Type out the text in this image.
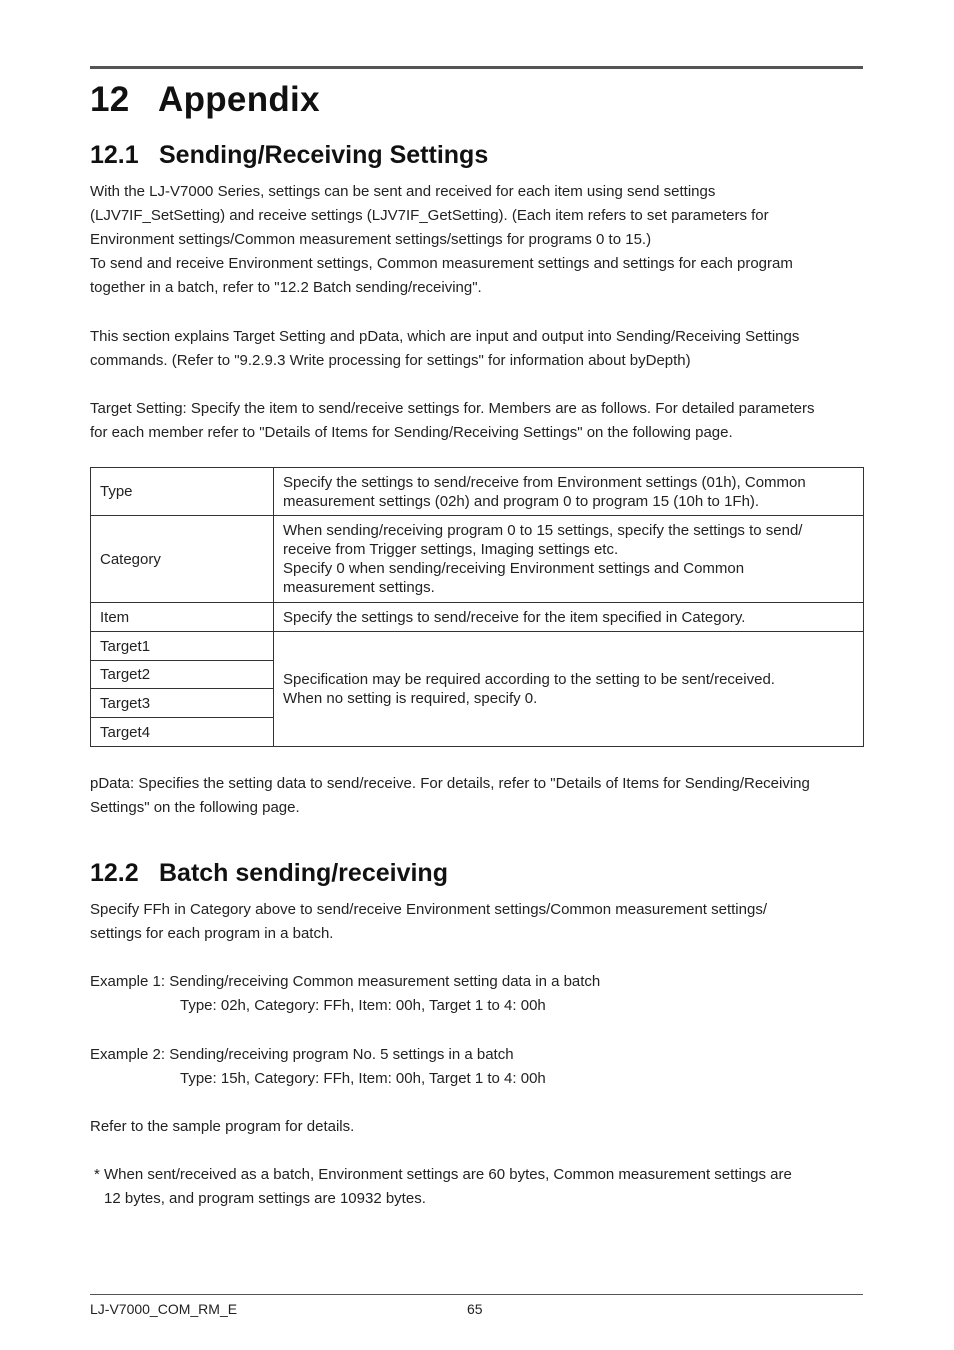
12 Appendix
12.1 Sending/Receiving Settings
With the LJ-V7000 Series, settings can be sent and received for each item using send settings
(LJV7IF_SetSetting) and receive settings (LJV7IF_GetSetting). (Each item refers to set parameters for
Environment settings/Common measurement settings/settings for programs 0 to 15.)
To send and receive Environment settings, Common measurement settings and settings for each program
together in a batch, refer to "12.2 Batch sending/receiving".
This section explains Target Setting and pData, which are input and output into Sending/Receiving Settings
commands. (Refer to "9.2.9.3 Write processing for settings" for information about byDepth)
Target Setting: Specify the item to send/receive settings for. Members are as follows. For detailed parameters
for each member refer to "Details of Items for Sending/Receiving Settings" on the following page.
Type	Specify the settings to send/receive from Environment settings (01h), Common
measurement settings (02h) and program 0 to program 15 (10h to 1Fh).

Category	When sending/receiving program 0 to 15 settings, specify the settings to send/
receive from Trigger settings, Imaging settings etc.
Specify 0 when sending/receiving Environment settings and Common
measurement settings.

Item	Specify the settings to send/receive for the item specified in Category.
Target1	Specification may be required according to the setting to be sent/received.
When no setting is required, specify 0.

Target2	
Target3	
Target4	
pData: Specifies the setting data to send/receive. For details, refer to "Details of Items for Sending/Receiving
Settings" on the following page.
12.2 Batch sending/receiving
Specify FFh in Category above to send/receive Environment settings/Common measurement settings/
settings for each program in a batch.
Example 1: Sending/receiving Common measurement setting data in a batch
Type: 02h, Category: FFh, Item: 00h, Target 1 to 4: 00h
Example 2: Sending/receiving program No. 5 settings in a batch
Type: 15h, Category: FFh, Item: 00h, Target 1 to 4: 00h
Refer to the sample program for details.
* When sent/received as a batch, Environment settings are 60 bytes, Common measurement settings are
12 bytes, and program settings are 10932 bytes.
LJ-V7000_COM_RM_E	65
